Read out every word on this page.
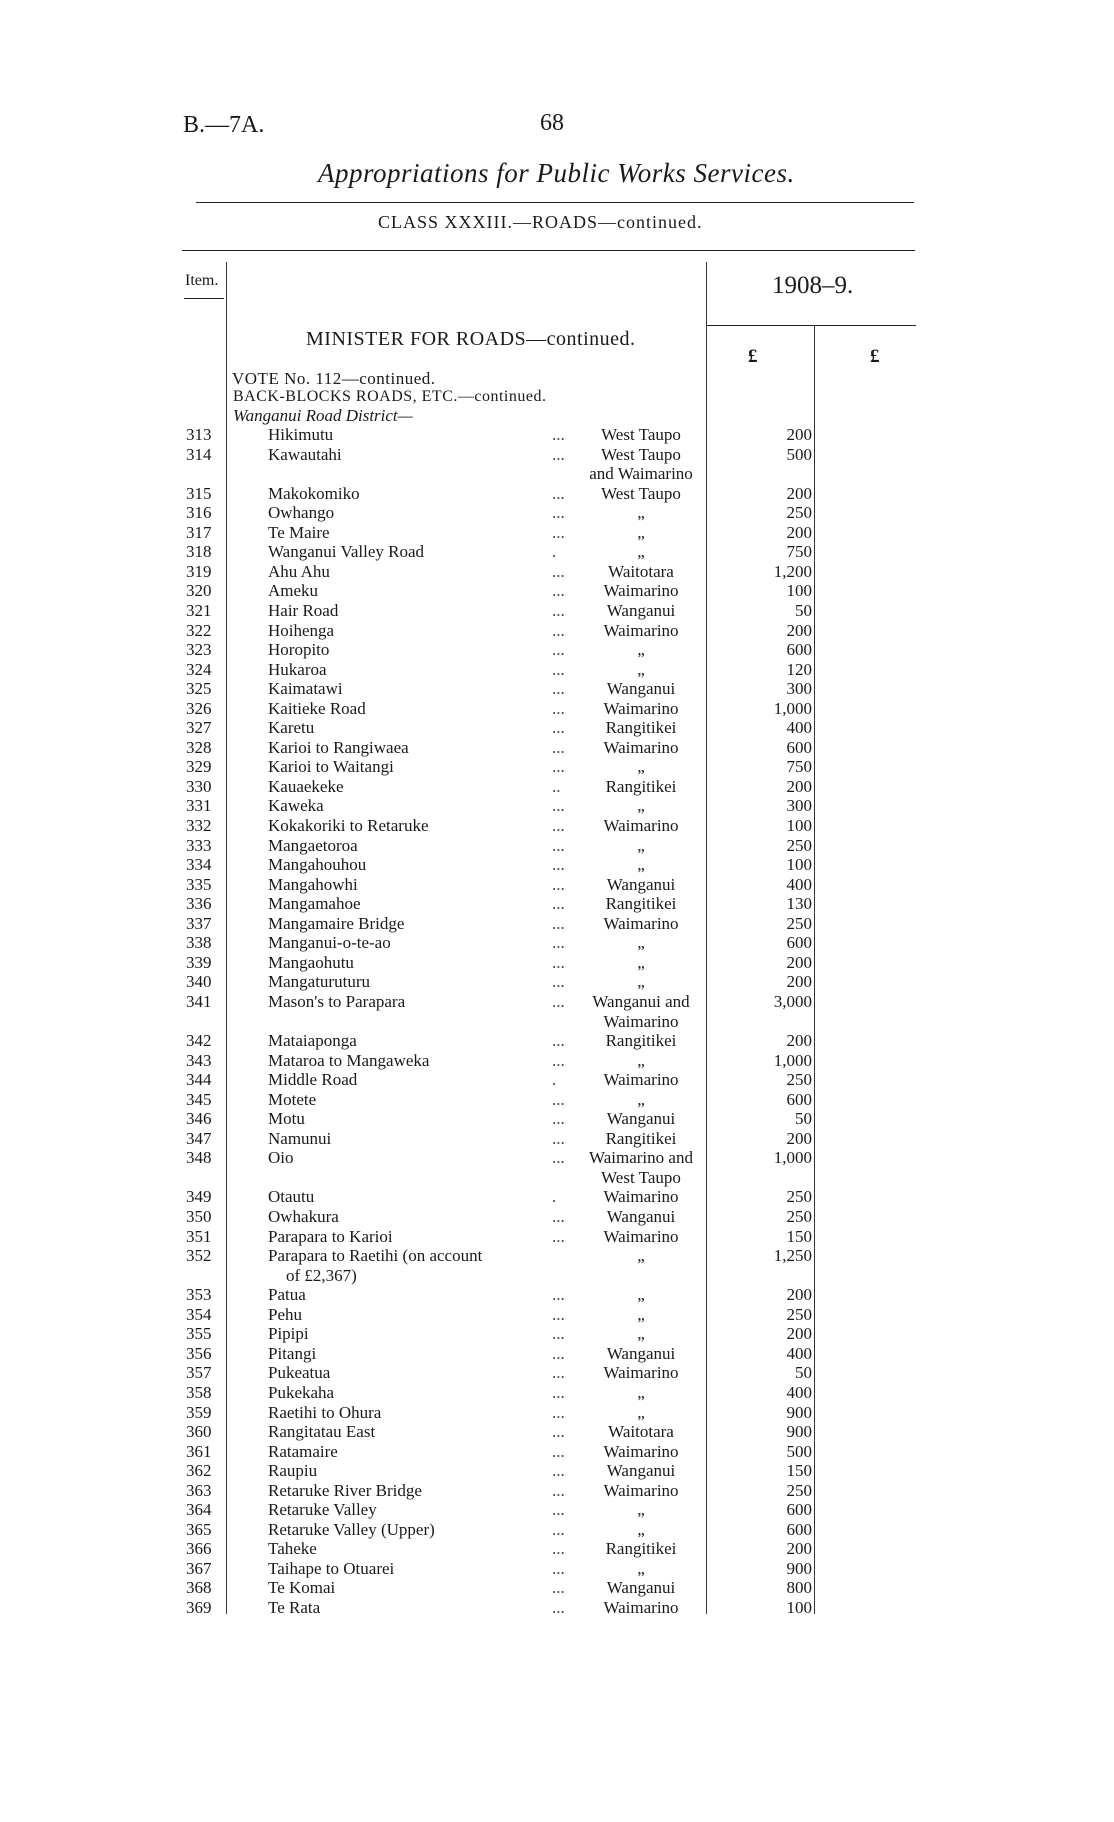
B.—7A.	68
Appropriations for Public Works Services.
CLASS XXXIII.—ROADS—continued.
Item.	1908–9.
£	£
MINISTER FOR ROADS—continued.
VOTE No. 112—continued.
BACK-BLOCKS ROADS, ETC.—continued.
Wanganui Road District—
313	Hikimutu	...	West Taupo	200
314	Kawautahi	...	West Taupo	500
and Waimarino
315	Makokomiko	...	West Taupo	200
316	Owhango	...	„	250
317	Te Maire	...	„	200
318	Wanganui Valley Road	.	„	750
319	Ahu Ahu	...	Waitotara	1,200
320	Ameku	...	Waimarino	100
321	Hair Road	...	Wanganui	50
322	Hoihenga	...	Waimarino	200
323	Horopito	...	„	600
324	Hukaroa	...	„	120
325	Kaimatawi	...	Wanganui	300
326	Kaitieke Road	...	Waimarino	1,000
327	Karetu	...	Rangitikei	400
328	Karioi to Rangiwaea	...	Waimarino	600
329	Karioi to Waitangi	...	„	750
330	Kauaekeke	..	Rangitikei	200
331	Kaweka	...	„	300
332	Kokakoriki to Retaruke	...	Waimarino	100
333	Mangaetoroa	...	„	250
334	Mangahouhou	...	„	100
335	Mangahowhi	...	Wanganui	400
336	Mangamahoe	...	Rangitikei	130
337	Mangamaire Bridge	...	Waimarino	250
338	Manganui-o-te-ao	...	„	600
339	Mangaohutu	...	„	200
340	Mangaturuturu	...	„	200
341	Mason's to Parapara	...	Wanganui and	3,000
Waimarino
342	Mataiaponga	...	Rangitikei	200
343	Mataroa to Mangaweka	...	„	1,000
344	Middle Road	.	Waimarino	250
345	Motete	...	„	600
346	Motu	...	Wanganui	50
347	Namunui	...	Rangitikei	200
348	Oio	...	Waimarino and	1,000
West Taupo
349	Otautu	.	Waimarino	250
350	Owhakura	...	Wanganui	250
351	Parapara to Karioi	...	Waimarino	150
352	Parapara to Raetihi (on account	„	1,250
of £2,367)
353	Patua	...	„	200
354	Pehu	...	„	250
355	Pipipi	...	„	200
356	Pitangi	...	Wanganui	400
357	Pukeatua	...	Waimarino	50
358	Pukekaha	...	„	400
359	Raetihi to Ohura	...	„	900
360	Rangitatau East	...	Waitotara	900
361	Ratamaire	...	Waimarino	500
362	Raupiu	...	Wanganui	150
363	Retaruke River Bridge	...	Waimarino	250
364	Retaruke Valley	...	„	600
365	Retaruke Valley (Upper)	...	„	600
366	Taheke	...	Rangitikei	200
367	Taihape to Otuarei	...	„	900
368	Te Komai	...	Wanganui	800
369	Te Rata	...	Waimarino	100
